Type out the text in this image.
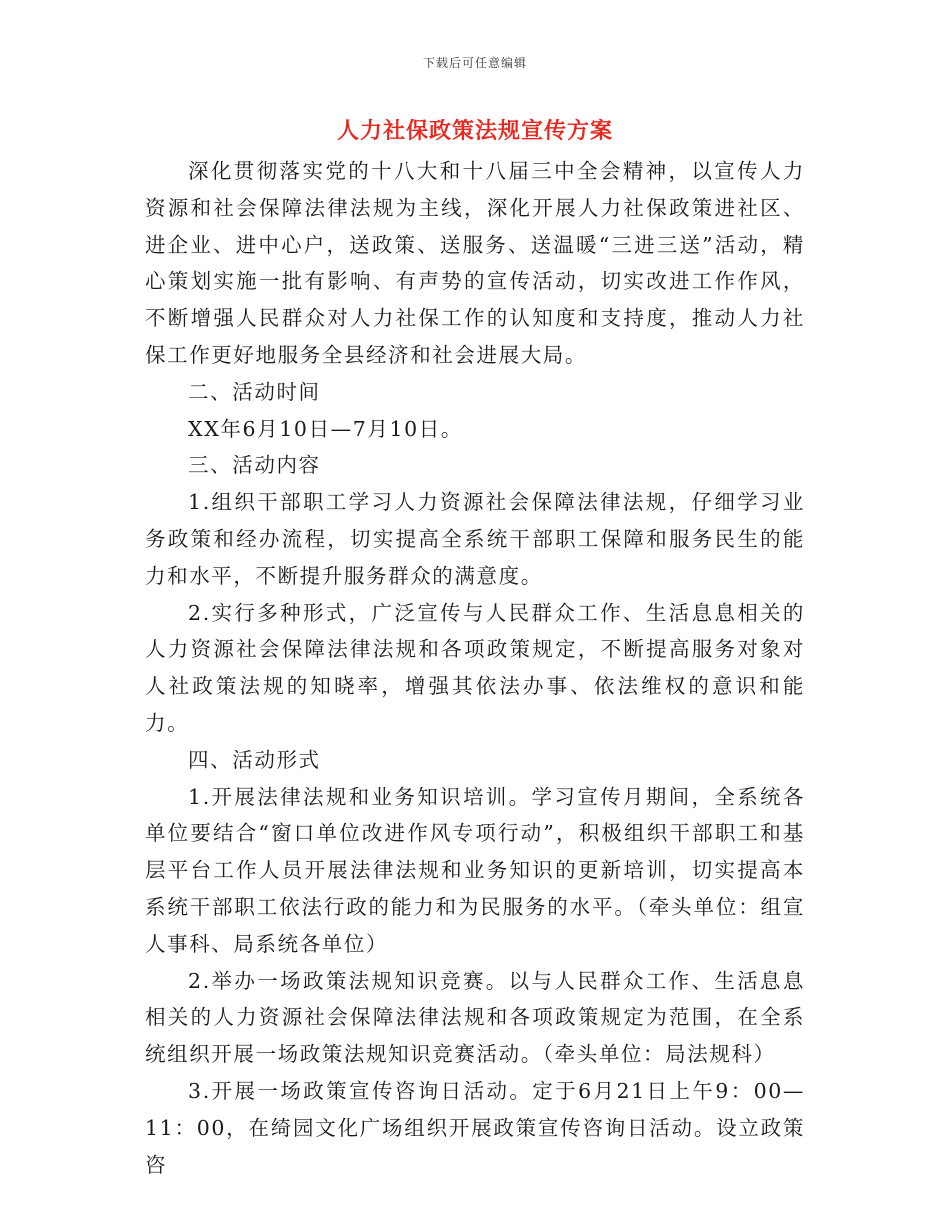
下载后可任意编辑
人力社保政策法规宣传方案

深化贯彻落实党的十八大和十八届三中全会精神，以宣传人力资源和社会保障法律法规为主线，深化开展人力社保政策进社区、进企业、进中心户，送政策、送服务、送温暖“三进三送”活动，精心策划实施一批有影响、有声势的宣传活动，切实改进工作作风，不断增强人民群众对人力社保工作的认知度和支持度，推动人力社保工作更好地服务全县经济和社会进展大局。

二、活动时间

XX年6月10日—7月10日。

三、活动内容

1.组织干部职工学习人力资源社会保障法律法规，仔细学习业务政策和经办流程，切实提高全系统干部职工保障和服务民生的能力和水平，不断提升服务群众的满意度。

2.实行多种形式，广泛宣传与人民群众工作、生活息息相关的人力资源社会保障法律法规和各项政策规定，不断提高服务对象对人社政策法规的知晓率，增强其依法办事、依法维权的意识和能力。

四、活动形式

1.开展法律法规和业务知识培训。学习宣传月期间，全系统各单位要结合“窗口单位改进作风专项行动”，积极组织干部职工和基层平台工作人员开展法律法规和业务知识的更新培训，切实提高本系统干部职工依法行政的能力和为民服务的水平。（牵头单位：组宣人事科、局系统各单位）

2.举办一场政策法规知识竞赛。以与人民群众工作、生活息息相关的人力资源社会保障法律法规和各项政策规定为范围，在全系统组织开展一场政策法规知识竞赛活动。（牵头单位：局法规科）

3.开展一场政策宣传咨询日活动。定于6月21日上午9：00—11：00，在绮园文化广场组织开展政策宣传咨询日活动。设立政策咨
